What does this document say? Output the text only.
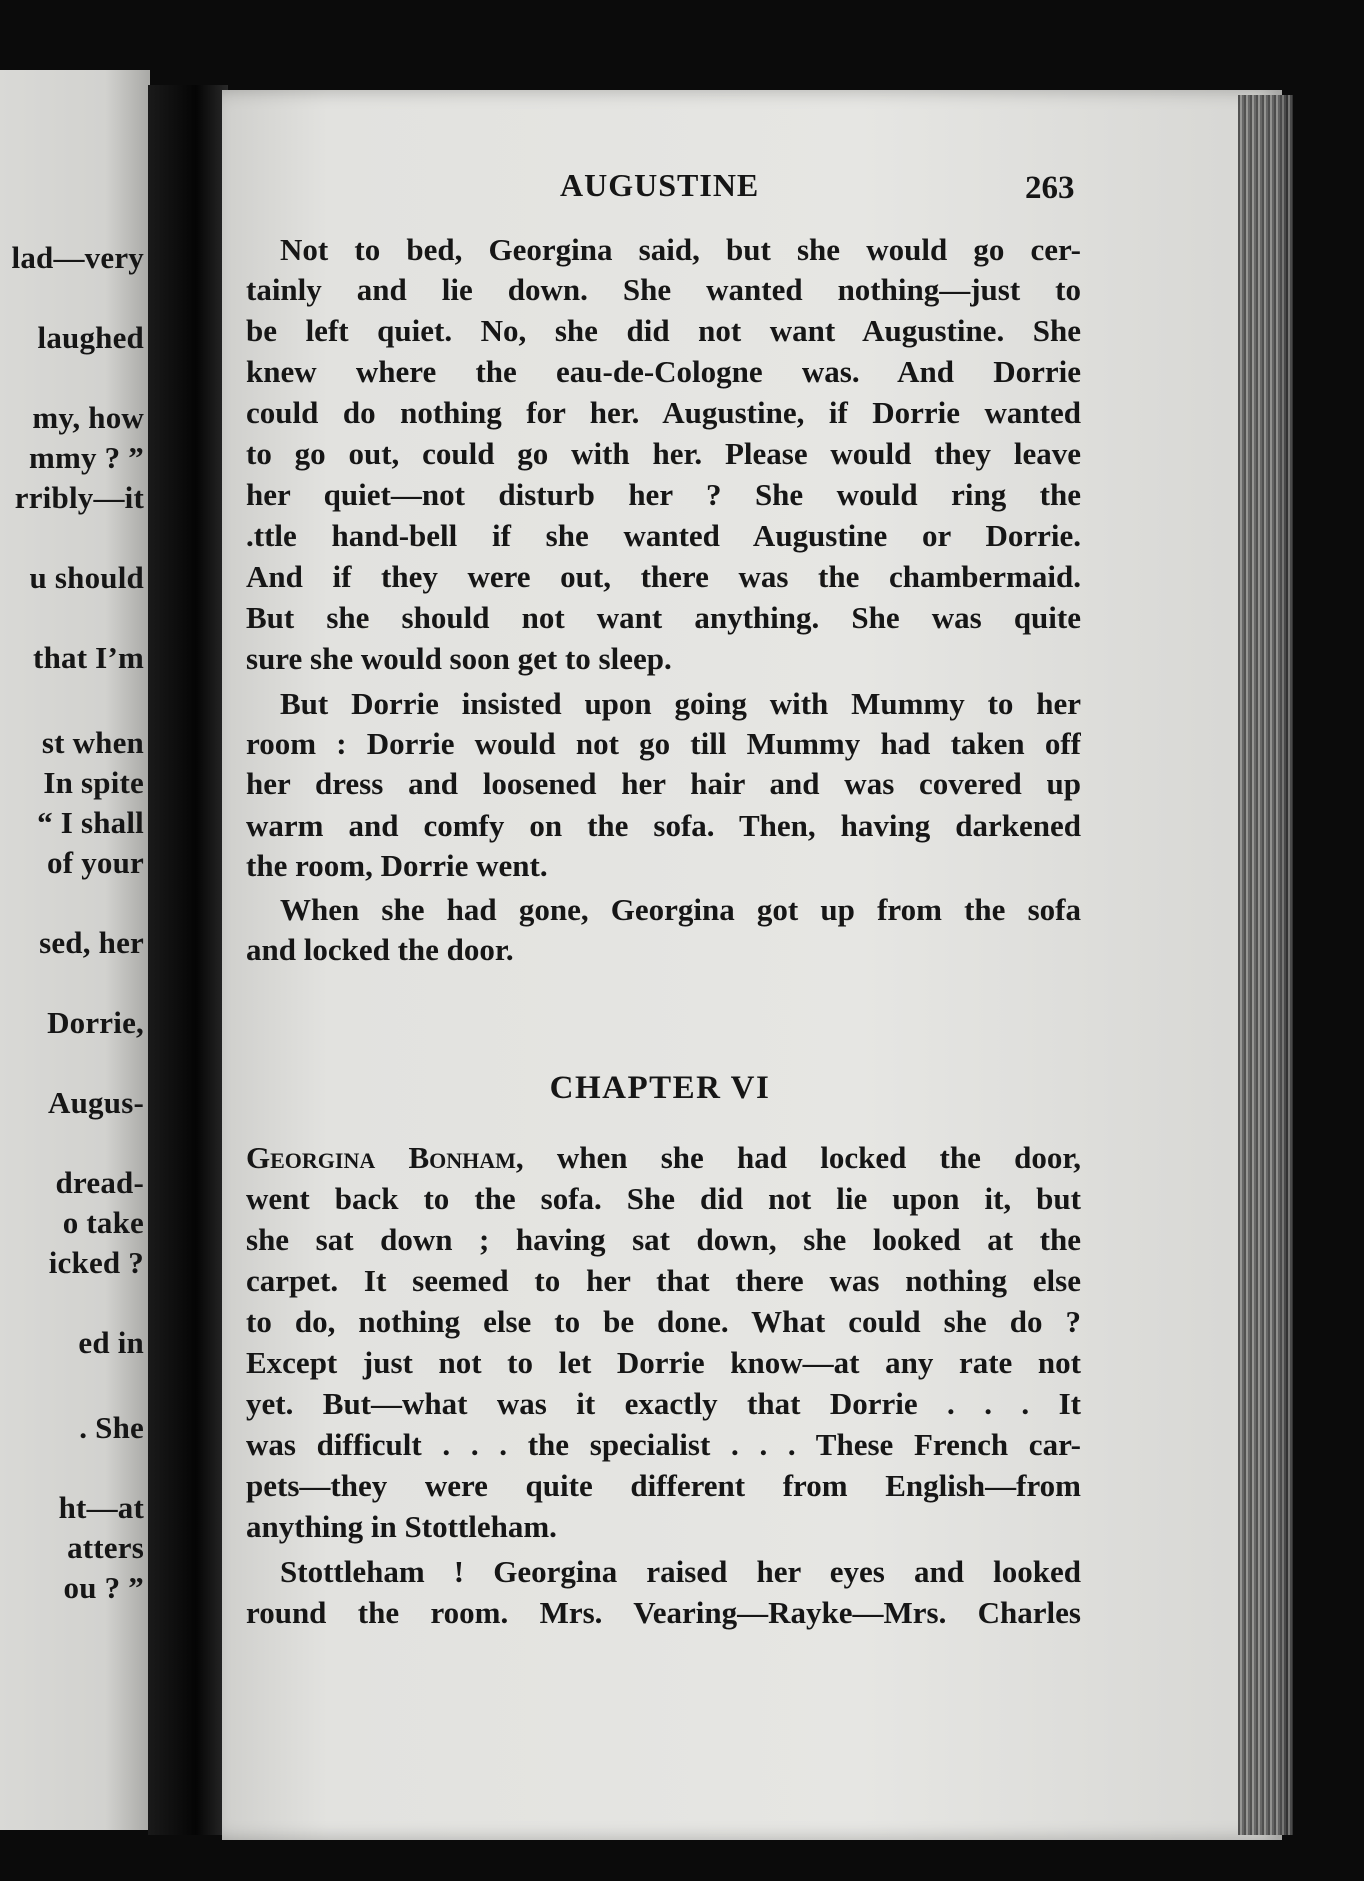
lad—very
laughed
my, how
mmy ? ”
rribly—it
u should
that I’m
st when
In spite
“ I shall
of your
sed, her
Dorrie,
Augus-
dread-
o take
icked ?
ed in
. She
ht—at
atters
ou ? ”
AUGUSTINE	263
Not to bed, Georgina said, but she would go cer-
tainly and lie down. She wanted nothing—just to
be left quiet. No, she did not want Augustine. She
knew where the eau-de-Cologne was. And Dorrie
could do nothing for her. Augustine, if Dorrie wanted
to go out, could go with her. Please would they leave
her quiet—not disturb her ? She would ring the
.ttle hand-bell if she wanted Augustine or Dorrie.
And if they were out, there was the chambermaid.
But she should not want anything. She was quite
sure she would soon get to sleep.
But Dorrie insisted upon going with Mummy to her
room : Dorrie would not go till Mummy had taken off
her dress and loosened her hair and was covered up
warm and comfy on the sofa. Then, having darkened
the room, Dorrie went.
When she had gone, Georgina got up from the sofa
and locked the door.
CHAPTER VI
Georgina Bonham, when she had locked the door,
went back to the sofa. She did not lie upon it, but
she sat down ; having sat down, she looked at the
carpet. It seemed to her that there was nothing else
to do, nothing else to be done. What could she do ?
Except just not to let Dorrie know—at any rate not
yet. But—what was it exactly that Dorrie . . . It
was difficult . . . the specialist . . . These French car-
pets—they were quite different from English—from
anything in Stottleham.
Stottleham ! Georgina raised her eyes and looked
round the room. Mrs. Vearing—Rayke—Mrs. Charles
